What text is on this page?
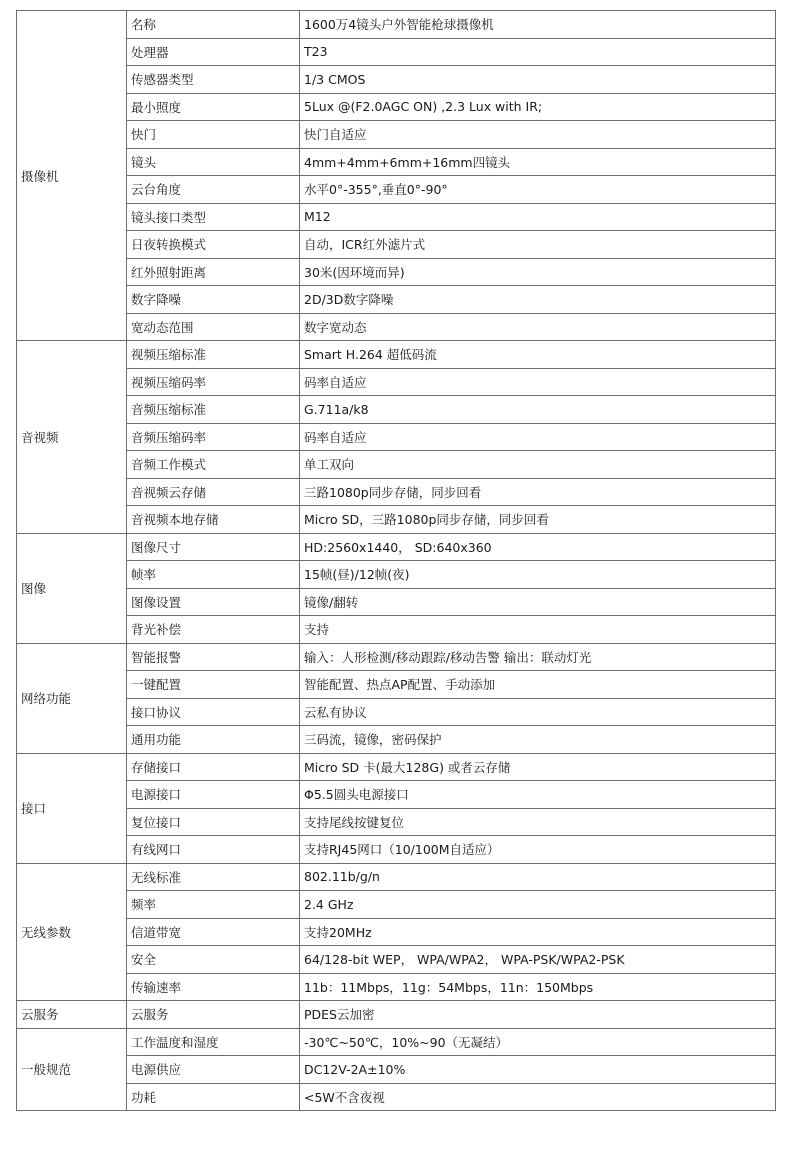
摄像机	名称	1600万4镜头户外智能枪球摄像机
	处理器	T23
	传感器类型	1/3 CMOS
	最小照度	5Lux @(F2.0AGC ON) ,2.3 Lux with IR;
	快门	快门自适应
	镜头	4mm+4mm+6mm+16mm四镜头
	云台角度	水平0°-355°,垂直0°-90°
	镜头接口类型	M12
	日夜转换模式	自动，ICR红外滤片式
	红外照射距离	30米(因环境而异)
	数字降噪	2D/3D数字降噪
	宽动态范围	数字宽动态
音视频	视频压缩标准	Smart H.264 超低码流
	视频压缩码率	码率自适应
	音频压缩标准	G.711a/k8
	音频压缩码率	码率自适应
	音频工作模式	单工双向
	音视频云存储	三路1080p同步存储，同步回看
	音视频本地存储	Micro SD，三路1080p同步存储，同步回看
图像	图像尺寸	HD:2560x1440， SD:640x360
	帧率	15帧(昼)/12帧(夜)
	图像设置	镜像/翻转
	背光补偿	支持
网络功能	智能报警	输入：人形检测/移动跟踪/移动告警 输出：联动灯光
	一键配置	智能配置、热点AP配置、手动添加
	接口协议	云私有协议
	通用功能	三码流，镜像，密码保护
接口	存储接口	Micro SD 卡(最大128G) 或者云存储
	电源接口	Φ5.5圆头电源接口
	复位接口	支持尾线按键复位
	有线网口	支持RJ45网口（10/100M自适应）
无线参数	无线标准	802.11b/g/n
	频率	2.4 GHz
	信道带宽	支持20MHz
	安全	64/128-bit WEP， WPA/WPA2， WPA-PSK/WPA2-PSK
	传输速率	11b：11Mbps，11g：54Mbps，11n：150Mbps
云服务	云服务	PDES云加密
一般规范	工作温度和湿度	-30℃~50℃，10%~90（无凝结）
	电源供应	DC12V-2A±10%
	功耗	<5W不含夜视
